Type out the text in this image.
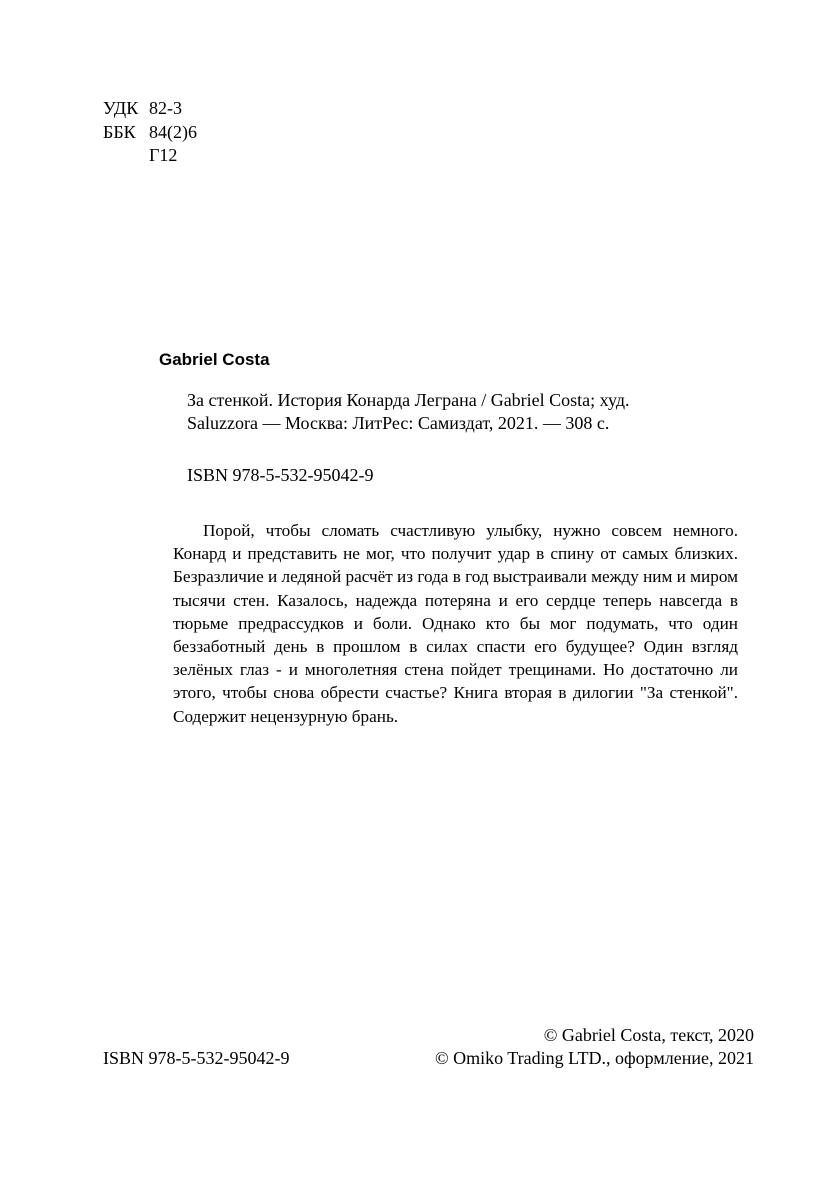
УДК 82-3
ББК 84(2)6
Г12
Gabriel Costa
За стенкой. История Конарда Леграна / Gabriel Costa; худ.
Saluzzora — Москва: ЛитРес: Самиздат, 2021. — 308 с.
ISBN 978-5-532-95042-9

Порой, чтобы сломать счастливую улыбку, нужно совсем немного. Конард и представить не мог, что получит удар в спину от самых близких. Безразличие и ледяной расчёт из года в год выстраивали между ним и миром тысячи стен. Казалось, надежда потеряна и его сердце теперь навсегда в тюрьме предрассудков и боли. Однако кто бы мог подумать, что один беззаботный день в прошлом в силах спасти его будущее? Один взгляд зелёных глаз - и многолетняя стена пойдет трещинами. Но достаточно ли этого, чтобы снова обрести счастье? Книга вторая в дилогии "За стенкой". Содержит нецензурную брань.

ISBN 978-5-532-95042-9
© Gabriel Costa, текст, 2020
© Omiko Trading LTD., оформление, 2021
